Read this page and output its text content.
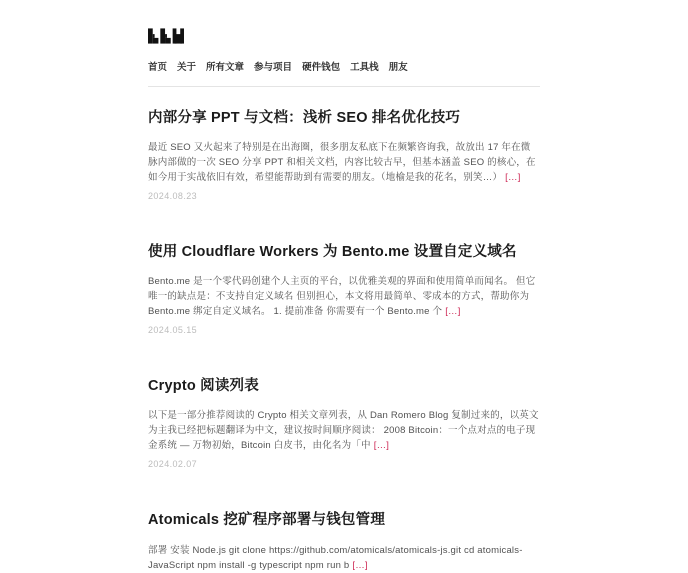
首页 关于 所有文章 参与项目 硬件钱包 工具栈 朋友
内部分享 PPT 与文档：浅析 SEO 排名优化技巧

最近 SEO 又火起来了特别是在出海圈，很多朋友私底下在频繁咨询我，故放出 17 年在微脉内部做的一次 SEO 分享 PPT 和相关文档，内容比较古早，但基本涵盖 SEO 的核心，在如今用于实战依旧有效，希望能帮助到有需要的朋友。（地榆是我的花名，别笑…） […]

2024.08.23
使用 Cloudflare Workers 为 Bento.me 设置自定义域名

Bento.me 是一个零代码创建个人主页的平台，以优雅美观的界面和使用简单而闻名。 但它唯一的缺点是：不支持自定义域名 但别担心，本文将用最简单、零成本的方式，帮助你为 Bento.me 绑定自定义域名。 1. 提前准备 你需要有一个 Bento.me 个 […]

2024.05.15
Crypto 阅读列表

以下是一部分推荐阅读的 Crypto 相关文章列表，从 Dan Romero Blog 复制过来的，以英文为主我已经把标题翻译为中文，建议按时间顺序阅读： 2008 Bitcoin：一个点对点的电子现金系统 — 万物初始，Bitcoin 白皮书，由化名为「中 […]

2024.02.07
Atomicals 挖矿程序部署与钱包管理

部署 安装 Node.js git clone https://github.com/atomicals/atomicals-js.git cd atomicals-JavaScript npm install -g typescript npm run b […]
